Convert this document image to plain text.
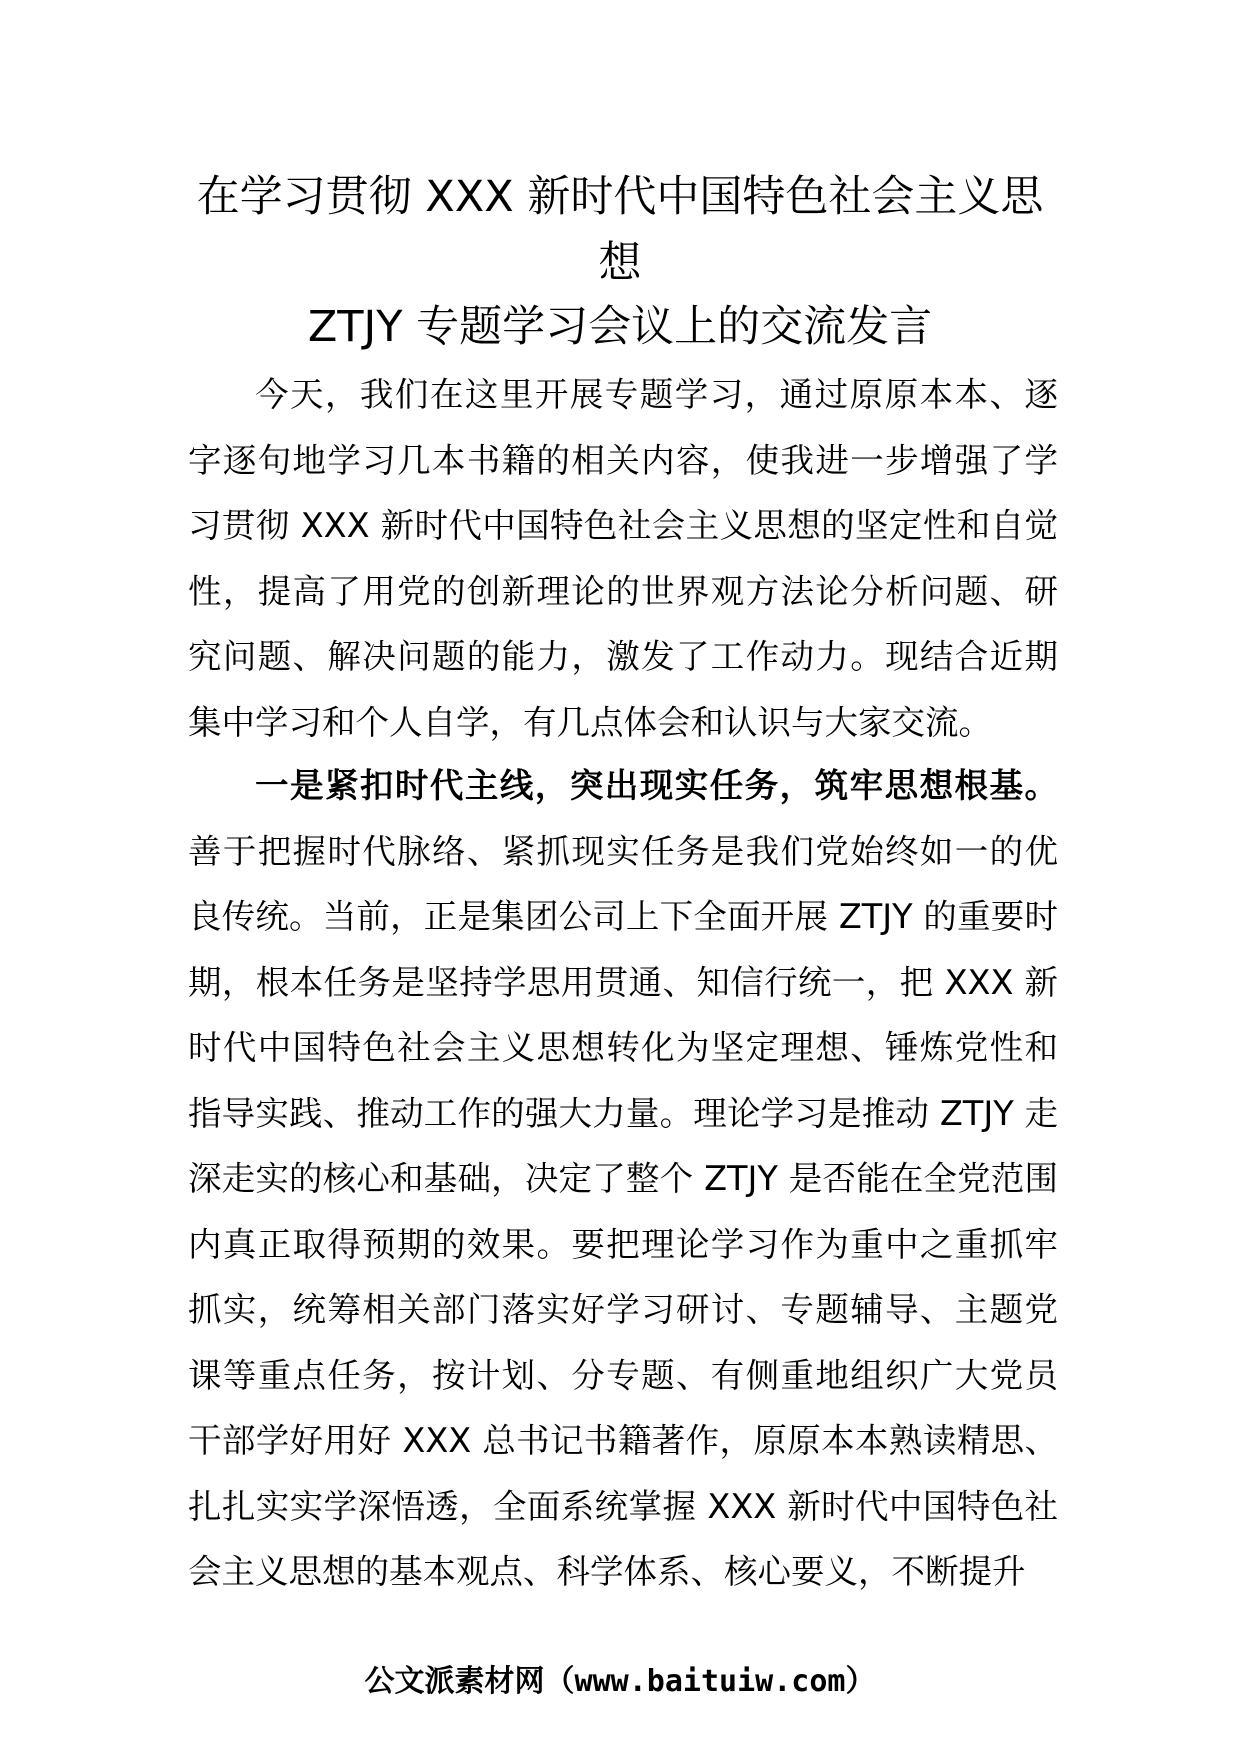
在学习贯彻 XXX 新时代中国特色社会主义思
想
ZTJY 专题学习会议上的交流发言

今天，我们在这里开展专题学习，通过原原本本、逐字逐句地学习几本书籍的相关内容，使我进一步增强了学习贯彻 XXX 新时代中国特色社会主义思想的坚定性和自觉性，提高了用党的创新理论的世界观方法论分析问题、研究问题、解决问题的能力，激发了工作动力。现结合近期集中学习和个人自学，有几点体会和认识与大家交流。

一是紧扣时代主线，突出现实任务，筑牢思想根基。善于把握时代脉络、紧抓现实任务是我们党始终如一的优良传统。当前，正是集团公司上下全面开展 ZTJY 的重要时期，根本任务是坚持学思用贯通、知信行统一，把 XXX 新时代中国特色社会主义思想转化为坚定理想、锤炼党性和指导实践、推动工作的强大力量。理论学习是推动 ZTJY 走深走实的核心和基础，决定了整个 ZTJY 是否能在全党范围内真正取得预期的效果。要把理论学习作为重中之重抓牢抓实，统筹相关部门落实好学习研讨、专题辅导、主题党课等重点任务，按计划、分专题、有侧重地组织广大党员干部学好用好 XXX 总书记书籍著作，原原本本熟读精思、扎扎实实学深悟透，全面系统掌握 XXX 新时代中国特色社会主义思想的基本观点、科学体系、核心要义，不断提升

公文派素材网（www.baituiw.com）
